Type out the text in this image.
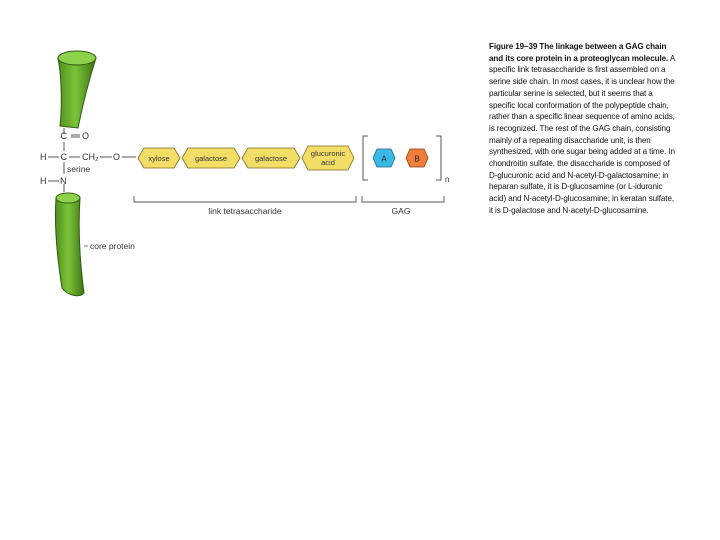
C O
H C CH₂ O
serine
H N
core protein
xylose	galactose	galactose
glucuronic
acid	A	B
n
link tetrasaccharide	GAG
Figure 19–39 The linkage between a GAG chain and its core protein in a proteoglycan molecule. A specific link tetrasaccharide is first assembled on a serine side chain. In most cases, it is unclear how the particular serine is selected, but it seems that a specific local conformation of the polypeptide chain, rather than a specific linear sequence of amino acids, is recognized. The rest of the GAG chain, consisting mainly of a repeating disaccharide unit, is then synthesized, with one sugar being added at a time. In chondroitin sulfate, the disaccharide is composed of D-glucuronic acid and N-acetyl-D-galactosamine; in heparan sulfate, it is D-glucosamine (or L-iduronic acid) and N-acetyl-D-glucosamine; in keratan sulfate, it is D-galactose and N-acetyl-D-glucosamine.
